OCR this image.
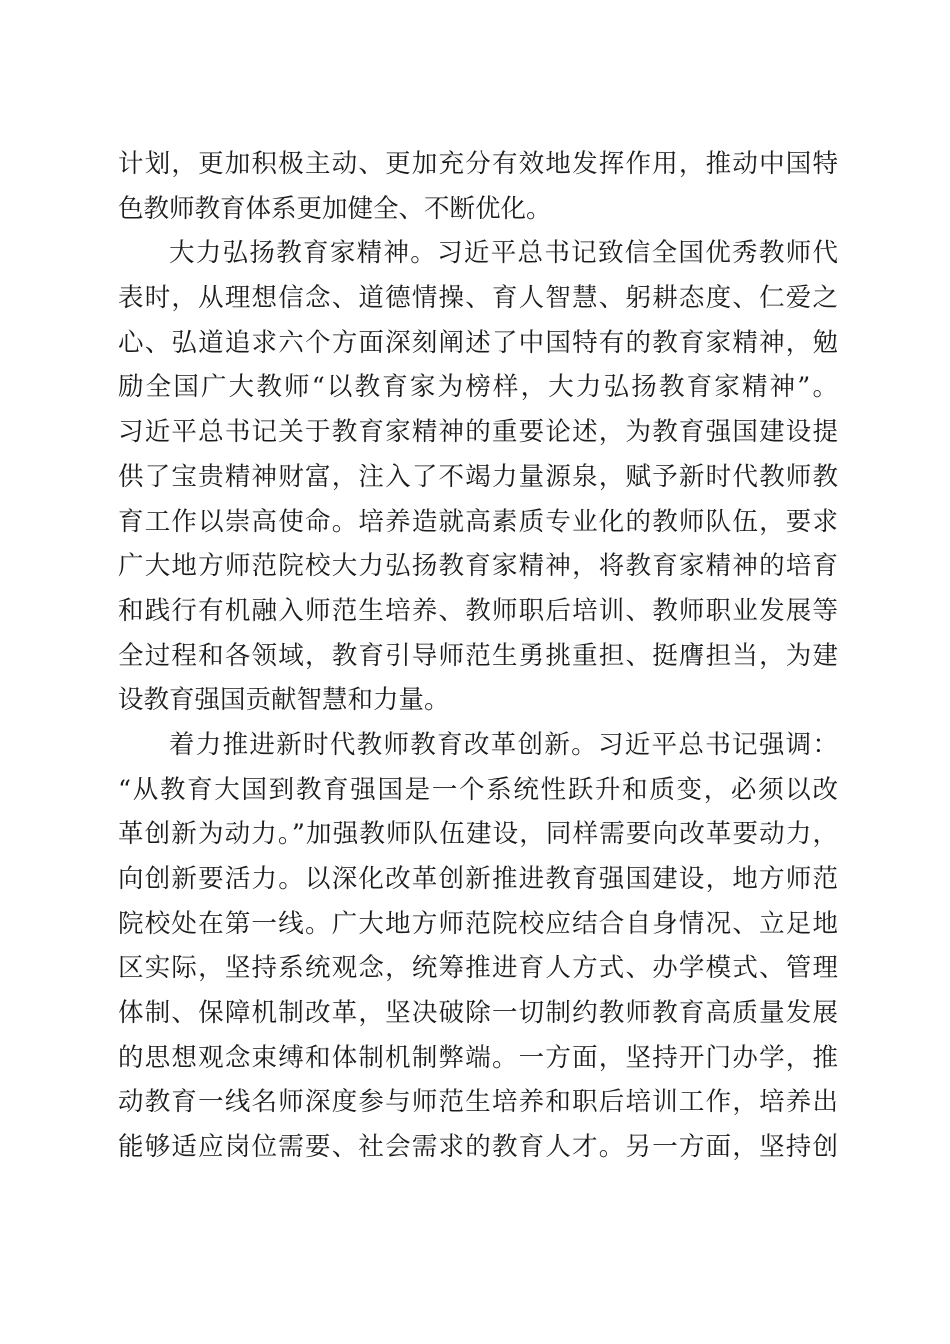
计划，更加积极主动、更加充分有效地发挥作用，推动中国特
色教师教育体系更加健全、不断优化。
大力弘扬教育家精神。习近平总书记致信全国优秀教师代
表时，从理想信念、道德情操、育人智慧、躬耕态度、仁爱之
心、弘道追求六个方面深刻阐述了中国特有的教育家精神，勉
励全国广大教师“以教育家为榜样，大力弘扬教育家精神”。
习近平总书记关于教育家精神的重要论述，为教育强国建设提
供了宝贵精神财富，注入了不竭力量源泉，赋予新时代教师教
育工作以崇高使命。培养造就高素质专业化的教师队伍，要求
广大地方师范院校大力弘扬教育家精神，将教育家精神的培育
和践行有机融入师范生培养、教师职后培训、教师职业发展等
全过程和各领域，教育引导师范生勇挑重担、挺膺担当，为建
设教育强国贡献智慧和力量。
着力推进新时代教师教育改革创新。习近平总书记强调：
“从教育大国到教育强国是一个系统性跃升和质变，必须以改
革创新为动力。”加强教师队伍建设，同样需要向改革要动力，
向创新要活力。以深化改革创新推进教育强国建设，地方师范
院校处在第一线。广大地方师范院校应结合自身情况、立足地
区实际，坚持系统观念，统筹推进育人方式、办学模式、管理
体制、保障机制改革，坚决破除一切制约教师教育高质量发展
的思想观念束缚和体制机制弊端。一方面，坚持开门办学，推
动教育一线名师深度参与师范生培养和职后培训工作，培养出
能够适应岗位需要、社会需求的教育人才。另一方面，坚持创
